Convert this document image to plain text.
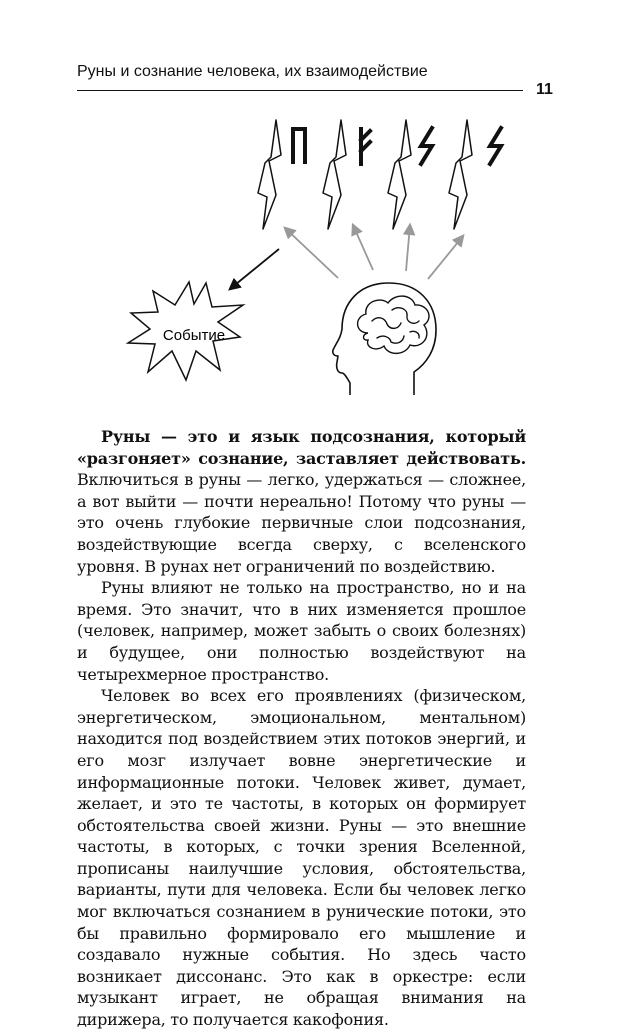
Руны и сознание человека, их взаимодействие
11
Событие

Руны — это и язык подсознания, который «разгоняет» сознание, заставляет действовать. Включиться в руны — легко, удержаться — сложнее, а вот выйти — почти нереально! Потому что руны — это очень глубокие первичные слои подсознания, воздействующие всегда сверху, с вселенского уровня. В рунах нет ограничений по воздействию.

Руны влияют не только на пространство, но и на время. Это значит, что в них изменяется прошлое (человек, например, может забыть о своих болезнях) и будущее, они полностью воздействуют на четырехмерное пространство.

Человек во всех его проявлениях (физическом, энергетическом, эмоциональном, ментальном) находится под воздействием этих потоков энергий, и его мозг излучает вовне энергетические и информационные потоки. Человек живет, думает, желает, и это те частоты, в которых он формирует обстоятельства своей жизни. Руны — это внешние частоты, в которых, с точки зрения Вселенной, прописаны наилучшие условия, обстоятельства, варианты, пути для человека. Если бы человек легко мог включаться сознанием в рунические потоки, это бы правильно формировало его мышление и создавало нужные события. Но здесь часто возникает диссонанс. Это как в оркестре: если музыкант играет, не обращая внимания на дирижера, то получается какофония.
